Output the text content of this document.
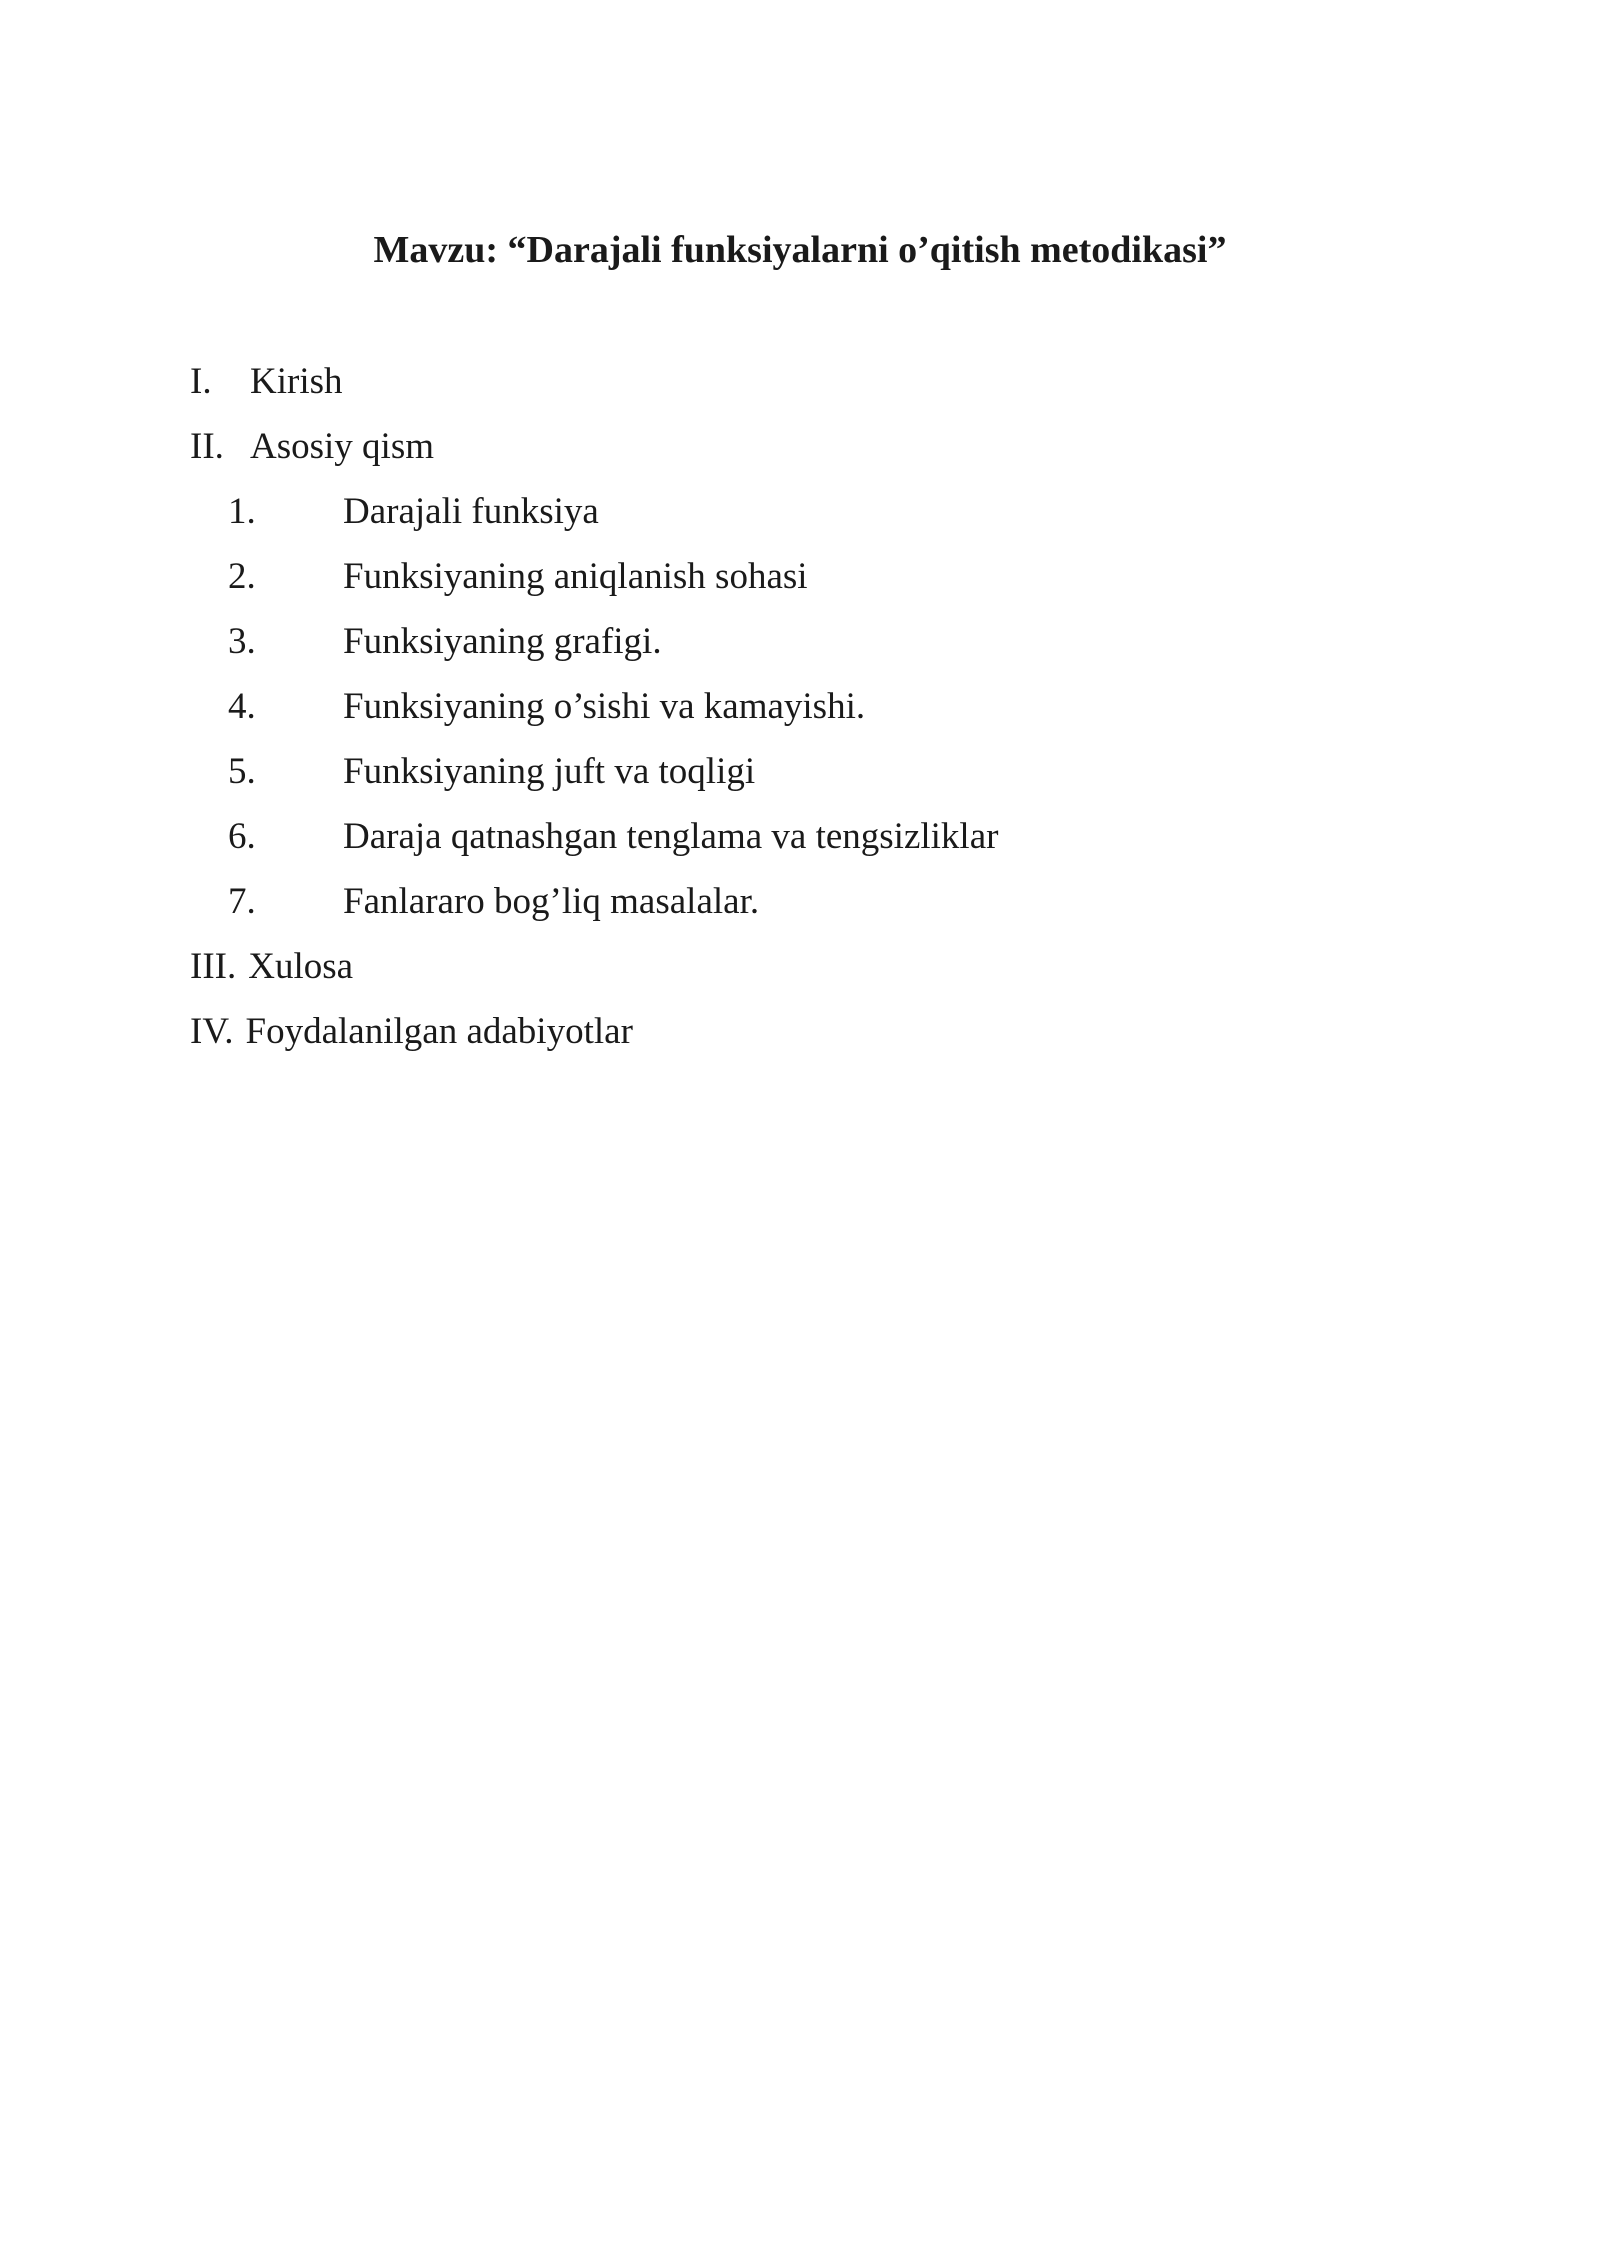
Mavzu: “Darajali funksiyalarni o’qitish metodikasi”
I. Kirish
II. Asosiy qism
1. Darajali funksiya
2. Funksiyaning aniqlanish sohasi
3. Funksiyaning grafigi.
4. Funksiyaning o’sishi va kamayishi.
5. Funksiyaning juft va toqligi
6. Daraja qatnashgan tenglama va tengsizliklar
7. Fanlararo bog’liq masalalar.
III. Xulosa
IV. Foydalanilgan adabiyotlar
